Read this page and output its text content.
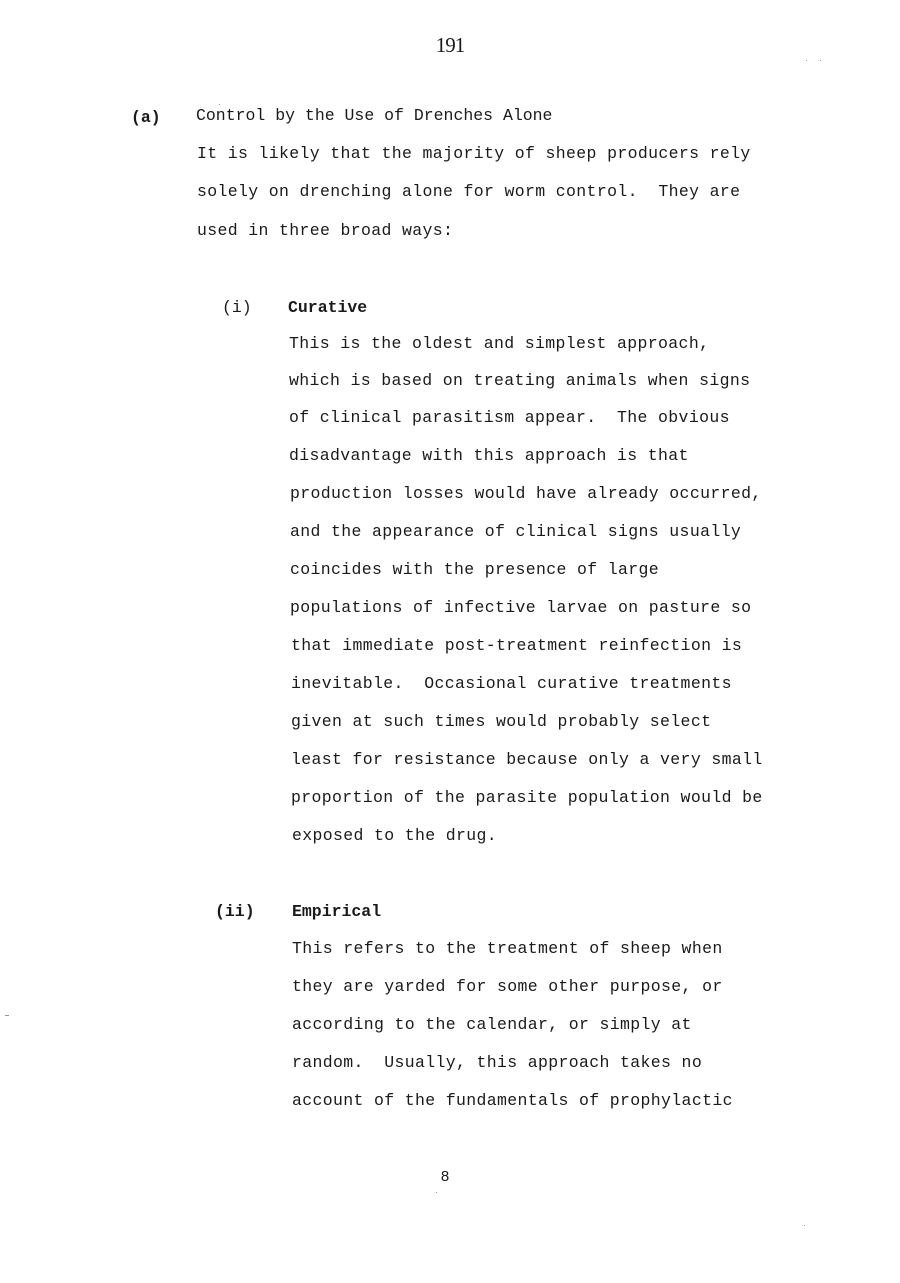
191
(a) Control by the Use of Drenches Alone
It is likely that the majority of sheep producers rely
solely on drenching alone for worm control.  They are
used in three broad ways:
(i) Curative
This is the oldest and simplest approach,
which is based on treating animals when signs
of clinical parasitism appear.  The obvious
disadvantage with this approach is that
production losses would have already occurred,
and the appearance of clinical signs usually
coincides with the presence of large
populations of infective larvae on pasture so
that immediate post-treatment reinfection is
inevitable.  Occasional curative treatments
given at such times would probably select
least for resistance because only a very small
proportion of the parasite population would be
exposed to the drug.
(ii) Empirical
This refers to the treatment of sheep when
they are yarded for some other purpose, or
according to the calendar, or simply at
random.  Usually, this approach takes no
account of the fundamentals of prophylactic
8
